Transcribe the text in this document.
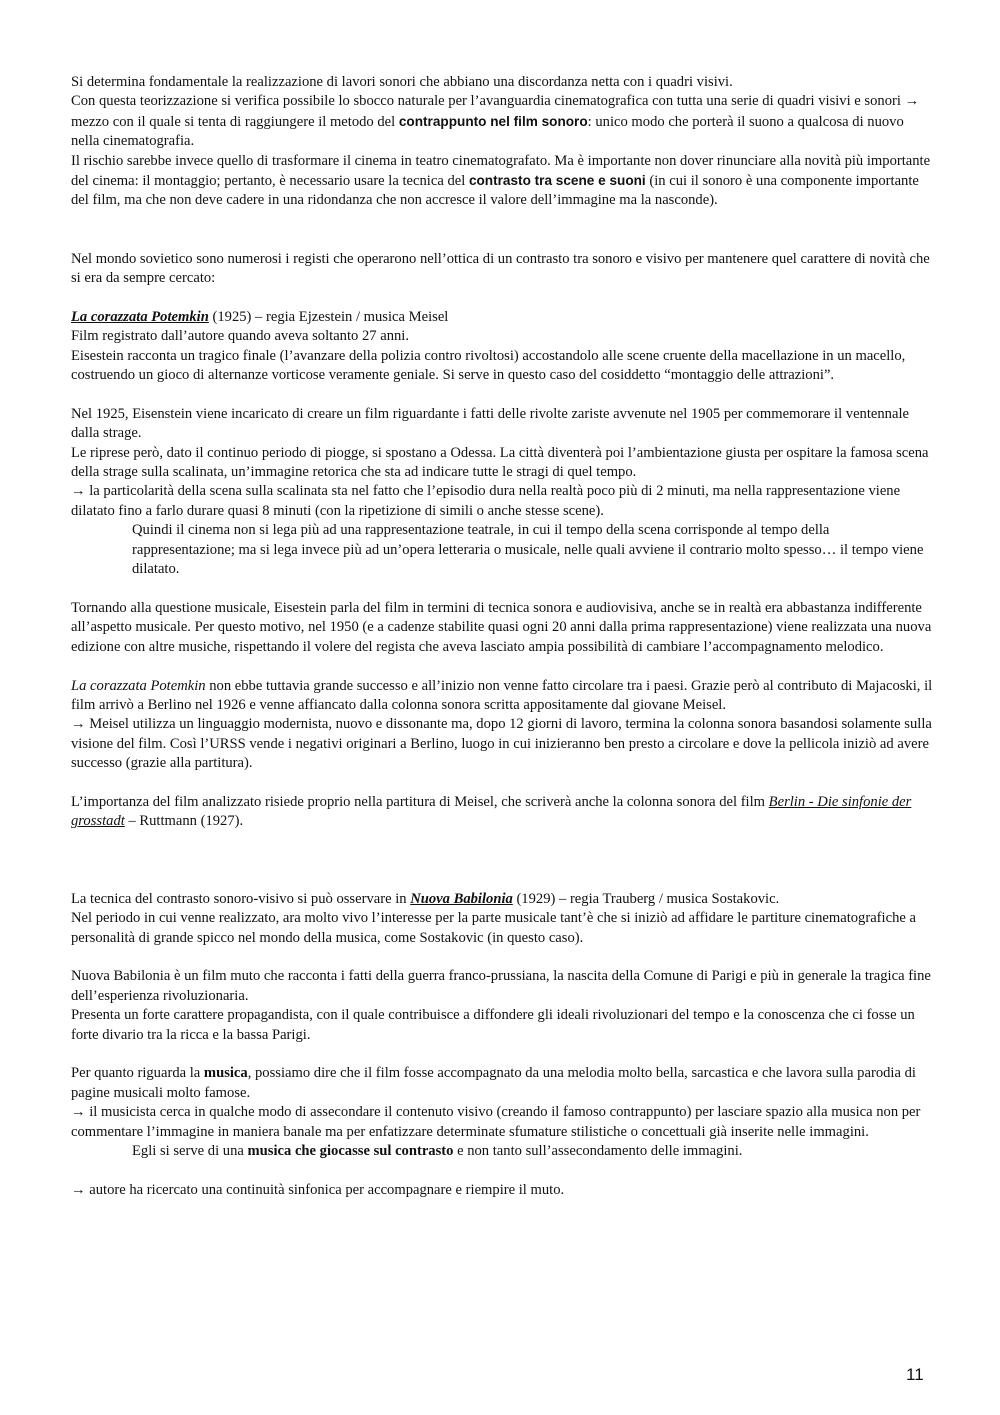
Si determina fondamentale la realizzazione di lavori sonori che abbiano una discordanza netta con i quadri visivi.

Con questa teorizzazione si verifica possibile lo sbocco naturale per l’avanguardia cinematografica con tutta una serie di quadri visivi e sonori → mezzo con il quale si tenta di raggiungere il metodo del contrappunto nel film sonoro: unico modo che porterà il suono a qualcosa di nuovo nella cinematografia.

Il rischio sarebbe invece quello di trasformare il cinema in teatro cinematografato. Ma è importante non dover rinunciare alla novità più importante del cinema: il montaggio; pertanto, è necessario usare la tecnica del contrasto tra scene e suoni (in cui il sonoro è una componente importante del film, ma che non deve cadere in una ridondanza che non accresce il valore dell’immagine ma la nasconde).

Nel mondo sovietico sono numerosi i registi che operarono nell’ottica di un contrasto tra sonoro e visivo per mantenere quel carattere di novità che si era da sempre cercato:

La corazzata Potemkin (1925) – regia Ejzestein / musica Meisel

Film registrato dall’autore quando aveva soltanto 27 anni.

Eisestein racconta un tragico finale (l’avanzare della polizia contro rivoltosi) accostandolo alle scene cruente della macellazione in un macello, costruendo un gioco di alternanze vorticose veramente geniale. Si serve in questo caso del cosiddetto “montaggio delle attrazioni”.

Nel 1925, Eisenstein viene incaricato di creare un film riguardante i fatti delle rivolte zariste avvenute nel 1905 per commemorare il ventennale dalla strage.

Le riprese però, dato il continuo periodo di piogge, si spostano a Odessa. La città diventerà poi l’ambientazione giusta per ospitare la famosa scena della strage sulla scalinata, un’immagine retorica che sta ad indicare tutte le stragi di quel tempo.

→ la particolarità della scena sulla scalinata sta nel fatto che l’episodio dura nella realtà poco più di 2 minuti, ma nella rappresentazione viene dilatato fino a farlo durare quasi 8 minuti (con la ripetizione di simili o anche stesse scene).

Quindi il cinema non si lega più ad una rappresentazione teatrale, in cui il tempo della scena corrisponde al tempo della rappresentazione; ma si lega invece più ad un’opera letteraria o musicale, nelle quali avviene il contrario molto spesso… il tempo viene dilatato.

Tornando alla questione musicale, Eisestein parla del film in termini di tecnica sonora e audiovisiva, anche se in realtà era abbastanza indifferente all’aspetto musicale. Per questo motivo, nel 1950 (e a cadenze stabilite quasi ogni 20 anni dalla prima rappresentazione) viene realizzata una nuova edizione con altre musiche, rispettando il volere del regista che aveva lasciato ampia possibilità di cambiare l’accompagnamento melodico.

La corazzata Potemkin non ebbe tuttavia grande successo e all’inizio non venne fatto circolare tra i paesi. Grazie però al contributo di Majacoski, il film arrivò a Berlino nel 1926 e venne affiancato dalla colonna sonora scritta appositamente dal giovane Meisel.

→ Meisel utilizza un linguaggio modernista, nuovo e dissonante ma, dopo 12 giorni di lavoro, termina la colonna sonora basandosi solamente sulla visione del film. Così l’URSS vende i negativi originari a Berlino, luogo in cui inizieranno ben presto a circolare e dove la pellicola iniziò ad avere successo (grazie alla partitura).

L’importanza del film analizzato risiede proprio nella partitura di Meisel, che scriverà anche la colonna sonora del film Berlin - Die sinfonie der grosstadt – Ruttmann (1927).

La tecnica del contrasto sonoro-visivo si può osservare in Nuova Babilonia (1929) – regia Trauberg / musica Sostakovic.

Nel periodo in cui venne realizzato, ara molto vivo l’interesse per la parte musicale tant’è che si iniziò ad affidare le partiture cinematografiche a personalità di grande spicco nel mondo della musica, come Sostakovic (in questo caso).

Nuova Babilonia è un film muto che racconta i fatti della guerra franco-prussiana, la nascita della Comune di Parigi e più in generale la tragica fine dell’esperienza rivoluzionaria.

Presenta un forte carattere propagandista, con il quale contribuisce a diffondere gli ideali rivoluzionari del tempo e la conoscenza che ci fosse un forte divario tra la ricca e la bassa Parigi.

Per quanto riguarda la musica, possiamo dire che il film fosse accompagnato da una melodia molto bella, sarcastica e che lavora sulla parodia di pagine musicali molto famose.

→ il musicista cerca in qualche modo di assecondare il contenuto visivo (creando il famoso contrappunto) per lasciare spazio alla musica non per commentare l’immagine in maniera banale ma per enfatizzare determinate sfumature stilistiche o concettuali già inserite nelle immagini.

Egli si serve di una musica che giocasse sul contrasto e non tanto sull’assecondamento delle immagini.

→ autore ha ricercato una continuità sinfonica per accompagnare e riempire il muto.

11
